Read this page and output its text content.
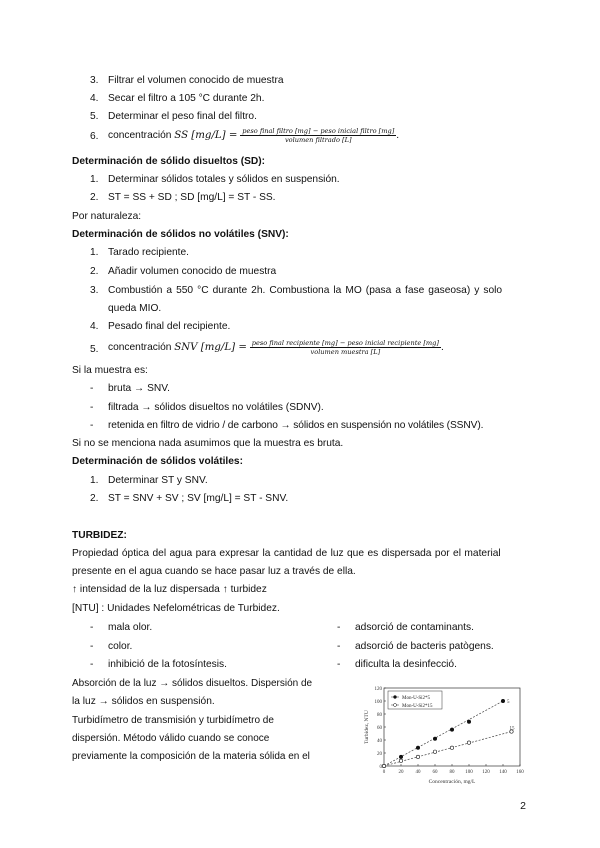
3. Filtrar el volumen conocido de muestra
4. Secar el filtro a 105 °C durante 2h.
5. Determinar el peso final del filtro.
6. concentración SS $[mg/L] = \frac{\text{peso final filtro [mg] − peso inicial filtro [mg]}}{\text{volumen filtrado [L]}}$ .
Determinación de sólido disueltos (SD):
1. Determinar sólidos totales y sólidos en suspensión.
2. ST = SS + SD ; SD [mg/L] = ST - SS.
Por naturaleza:
Determinación de sólidos no volátiles (SNV):
1. Tarado recipiente.
2. Añadir volumen conocido de muestra
3. Combustión a 550 °C durante 2h. Combustiona la MO (pasa a fase gaseosa) y solo
queda MIO.
4. Pesado final del recipiente.
5. concentración SNV $[mg/L] = \frac{\text{peso final recipiente [mg] − peso inicial recipiente [mg]}}{\text{volumen muestra [L]}}$ .
Si la muestra es:
- bruta → SNV.
- filtrada → sólidos disueltos no volátiles (SDNV).
- retenida en filtro de vidrio / de carbono → sólidos en suspensión no volátiles (SSNV).
Si no se menciona nada asumimos que la muestra es bruta.
Determinación de sólidos volátiles:
1. Determinar ST y SNV.
2. ST = SNV + SV ; SV [mg/L] = ST - SNV.
TURBIDEZ:
Propiedad óptica del agua para expresar la cantidad de luz que es dispersada por el material
presente en el agua cuando se hace pasar luz a través de ella.
↑ intensidad de la luz dispersada ↑ turbidez
[NTU] : Unidades Nefelométricas de Turbidez.
- mala olor.	- adsorció de contaminants.
- color.	- adsorció de bacteris patògens.
- inhibició de la fotosíntesis.	- dificulta la desinfecció.
Absorción de la luz → sólidos disueltos. Dispersión de
la luz → sólidos en suspensión.
Turbidímetro de transmisión y turbidímetro de
dispersión. Método válido cuando se conoce
previamente la composición de la materia sólida en el
0	20 40 60 80 100 120 140 160
0
20
40
60
80
100
120
Concentración, mg/L
Turbidez, NTU
5
15
Mon-U-Si2*5
Mon-U-Si2*15
2
